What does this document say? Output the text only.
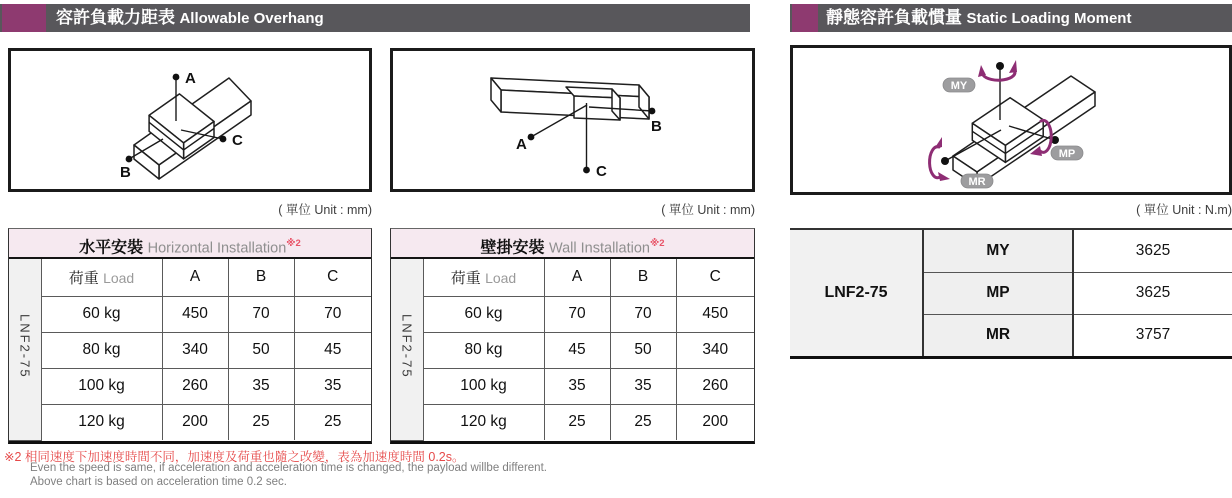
容許負載力距表 Allowable Overhang	靜態容許負載慣量 Static Loading Moment
A
B
C	A
B
C
MY
MP
MR
( 單位 Unit : mm)	( 單位 Unit : mm)	( 單位 Unit : N.m)
水平安裝 Horizontal Installation$^{※2}$
LNF2-75	荷重 Load	A	B	C
	60 kg	450	70	70
	80 kg	340	50	45
	100 kg	260	35	35
	120 kg	200	25	25
壁掛安裝 Wall Installation$^{※2}$
LNF2-75	荷重 Load	A	B	C
	60 kg	70	70	450
	80 kg	45	50	340
	100 kg	35	35	260
	120 kg	25	25	200
LNF2-75	MY	3625
	MP	3625
	MR	3757
※2 相同速度下加速度時間不同，加速度及荷重也隨之改變，表為加速度時間 0.2s。
Even the speed is same, if acceleration and acceleration time is changed, the payload willbe different.
Above chart is based on acceleration time 0.2 sec.
